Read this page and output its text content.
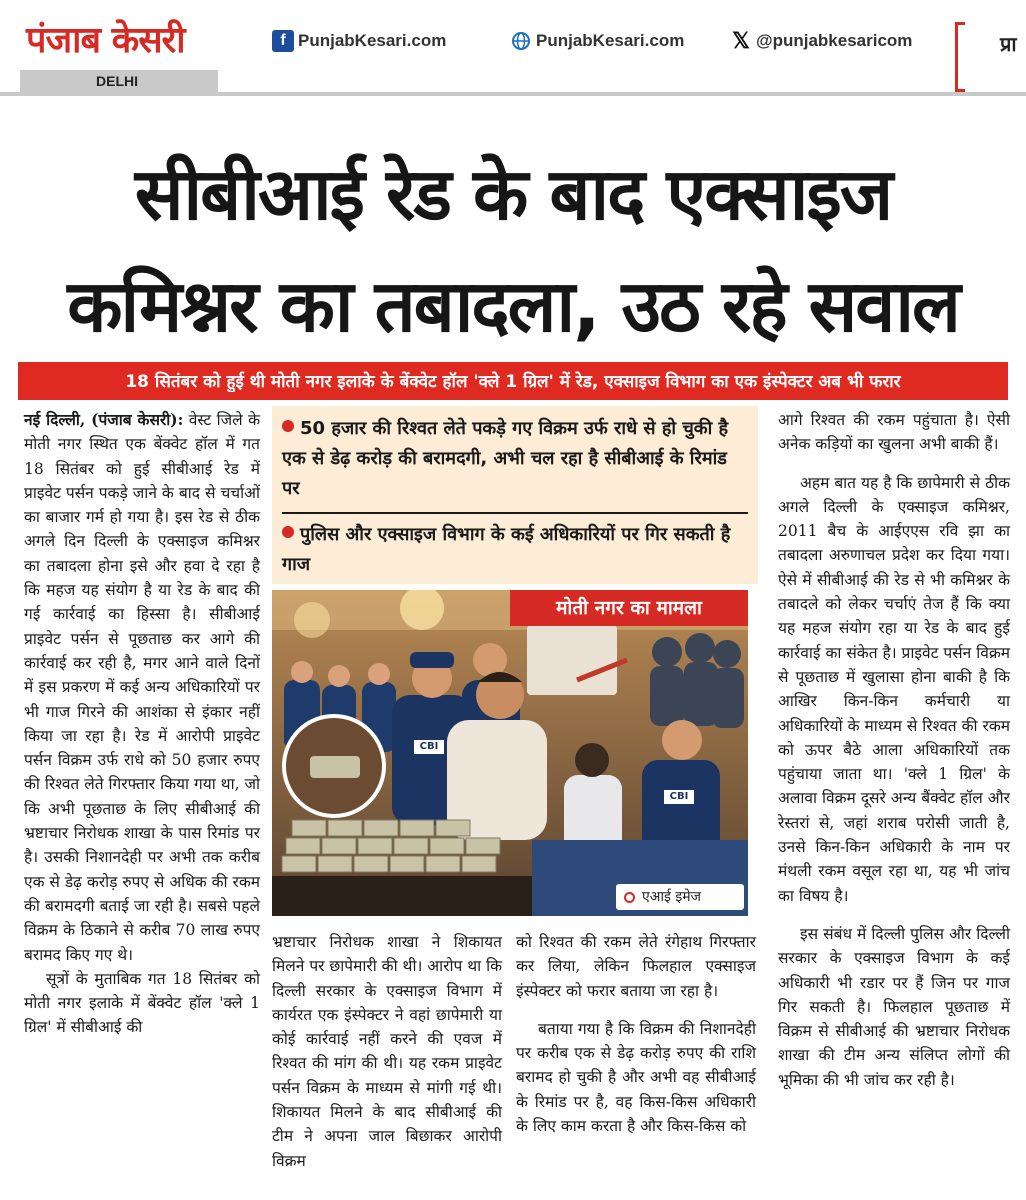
पंजाब केसरी
DELHI
f PunjabKesari.com	PunjabKesari.com 𝕏 @punjabkesaricom	प्रा
सीबीआई रेड के बाद एक्साइज
कमिश्नर का तबादला, उठ रहे सवाल
18 सितंबर को हुई थी मोती नगर इलाके के बेंक्वेट हॉल 'क्ले 1 ग्रिल' में रेड, एक्साइज विभाग का एक इंस्पेक्टर अब भी फरार

नई दिल्ली, (पंजाब केसरी): वेस्ट जिले के मोती नगर स्थित एक बेंक्वेट हॉल में गत 18 सितंबर को हुई सीबीआई रेड में प्राइवेट पर्सन पकड़े जाने के बाद से चर्चाओं का बाजार गर्म हो गया है। इस रेड से ठीक अगले दिन दिल्ली के एक्साइज कमिश्नर का तबादला होना इसे और हवा दे रहा है कि महज यह संयोग है या रेड के बाद की गई कार्रवाई का हिस्सा है। सीबीआई प्राइवेट पर्सन से पूछताछ कर आगे की कार्रवाई कर रही है, मगर आने वाले दिनों में इस प्रकरण में कई अन्य अधिकारियों पर भी गाज गिरने की आशंका से इंकार नहीं किया जा रहा है। रेड में आरोपी प्राइवेट पर्सन विक्रम उर्फ राधे को 50 हजार रुपए की रिश्वत लेते गिरफ्तार किया गया था, जो कि अभी पूछताछ के लिए सीबीआई की भ्रष्टाचार निरोधक शाखा के पास रिमांड पर है। उसकी निशानदेही पर अभी तक करीब एक से डेढ़ करोड़ रुपए से अधिक की रकम की बरामदगी बताई जा रही है। सबसे पहले विक्रम के ठिकाने से करीब 70 लाख रुपए बरामद किए गए थे।

सूत्रों के मुताबिक गत 18 सितंबर को मोती नगर इलाके में बेंक्वेट हॉल 'क्ले 1 ग्रिल' में सीबीआई की

50 हजार की रिश्वत लेते पकड़े गए विक्रम उर्फ राधे से हो चुकी है एक से डेढ़ करोड़ की बरामदगी, अभी चल रहा है सीबीआई के रिमांड पर
पुलिस और एक्साइज विभाग के कई अधिकारियों पर गिर सकती है गाज
CBI
CBI
मोती नगर का मामला
एआई इमेज

भ्रष्टाचार निरोधक शाखा ने शिकायत मिलने पर छापेमारी की थी। आरोप था कि दिल्ली सरकार के एक्साइज विभाग में कार्यरत एक इंस्पेक्टर ने वहां छापेमारी या कोई कार्रवाई नहीं करने की एवज में रिश्वत की मांग की थी। यह रकम प्राइवेट पर्सन विक्रम के माध्यम से मांगी गई थी। शिकायत मिलने के बाद सीबीआई की टीम ने अपना जाल बिछाकर आरोपी विक्रम

को रिश्वत की रकम लेते रंगेहाथ गिरफ्तार कर लिया, लेकिन फिलहाल एक्साइज इंस्पेक्टर को फरार बताया जा रहा है।

बताया गया है कि विक्रम की निशानदेही पर करीब एक से डेढ़ करोड़ रुपए की राशि बरामद हो चुकी है और अभी वह सीबीआई के रिमांड पर है, वह किस-किस अधिकारी के लिए काम करता है और किस-किस को

आगे रिश्वत की रकम पहुंचाता है। ऐसी अनेक कड़ियों का खुलना अभी बाकी हैं।

अहम बात यह है कि छापेमारी से ठीक अगले दिल्ली के एक्साइज कमिश्नर, 2011 बैच के आईएएस रवि झा का तबादला अरुणाचल प्रदेश कर दिया गया। ऐसे में सीबीआई की रेड से भी कमिश्नर के तबादले को लेकर चर्चाएं तेज हैं कि क्या यह महज संयोग रहा या रेड के बाद हुई कार्रवाई का संकेत है। प्राइवेट पर्सन विक्रम से पूछताछ में खुलासा होना बाकी है कि आखिर किन-किन कर्मचारी या अधिकारियों के माध्यम से रिश्वत की रकम को ऊपर बैठे आला अधिकारियों तक पहुंचाया जाता था। 'क्ले 1 ग्रिल' के अलावा विक्रम दूसरे अन्य बैंक्वेट हॉल और रेस्तरां से, जहां शराब परोसी जाती है, उनसे किन-किन अधिकारी के नाम पर मंथली रकम वसूल रहा था, यह भी जांच का विषय है।

इस संबंध में दिल्ली पुलिस और दिल्ली सरकार के एक्साइज विभाग के कई अधिकारी भी रडार पर हैं जिन पर गाज गिर सकती है। फिलहाल पूछताछ में विक्रम से सीबीआई की भ्रष्टाचार निरोधक शाखा की टीम अन्य संलिप्त लोगों की भूमिका की भी जांच कर रही है।
